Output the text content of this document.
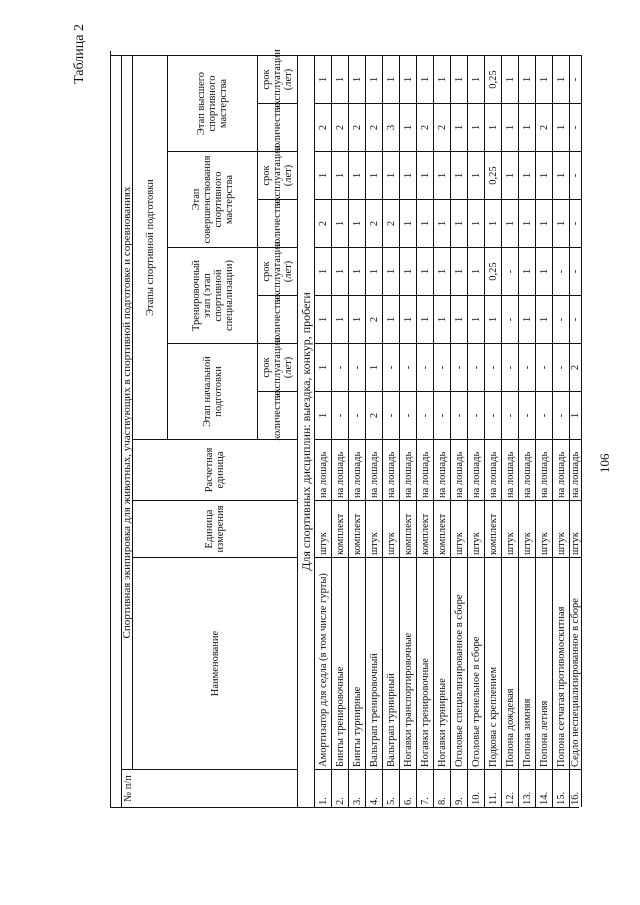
106
Таблица 2
№ п/п
Спортивная экипировка для животных, участвующих в спортивной подготовке и соревнованиях
Наименование
Единица измерения
Расчетная единица
Этапы спортивной подготовки
Этап начальной подготовки
Тренировочный этап (этап спортивной специализации)
Этап совершенствования спортивного мастерства
Этап высшего спортивного мастерства
количество
срок эксплуатации (лет)
количество
срок эксплуатации (лет)
количество
срок эксплуатации (лет)
количество
срок эксплуатации (лет)
Для спортивных дисциплин: выездка, конкур, пробеги
1.
Амортизатор для седла (в том числе гурты)
штук
на лошадь
1
1
1
1
2
1
2
1
2.
Бинты тренировочные
комплект
на лошадь
-
-
1
1
1
1
2
1
3.
Бинты турнирные
комплект
на лошадь
-
-
1
1
1
1
2
1
4.
Вальтрап тренировочный
штук
на лошадь
2
1
2
1
2
1
2
1
5.
Вальтрап турнирный
штук
на лошадь
-
-
1
1
2
1
3
1
6.
Ногавки транспортировочные
комплект
на лошадь
-
-
1
1
1
1
1
1
7.
Ногавки тренировочные
комплект
на лошадь
-
-
1
1
1
1
2
1
8.
Ногавки турнирные
комплект
на лошадь
-
-
1
1
1
1
2
1
9.
Оголовье специализированное в сборе
штук
на лошадь
-
-
1
1
1
1
1
1
10.
Оголовье тренельное в сборе
штук
на лошадь
-
-
1
1
1
1
1
1
11.
Подкова с креплением
комплект
на лошадь
-
-
1
0,25
1
0,25
1
0,25
12.
Попона дождевая
штук
на лошадь
-
-
-
-
1
1
1
1
13.
Попона зимняя
штук
на лошадь
-
-
1
1
1
1
1
1
14.
Попона летняя
штук
на лошадь
-
-
1
1
1
1
2
1
15.
Попона сетчатая противомоскитная
штук
на лошадь
-
-
-
-
1
1
1
1
16.
Седло неспециализированное в сборе
штук
на лошадь
1
2
-
-
-
-
-
-
